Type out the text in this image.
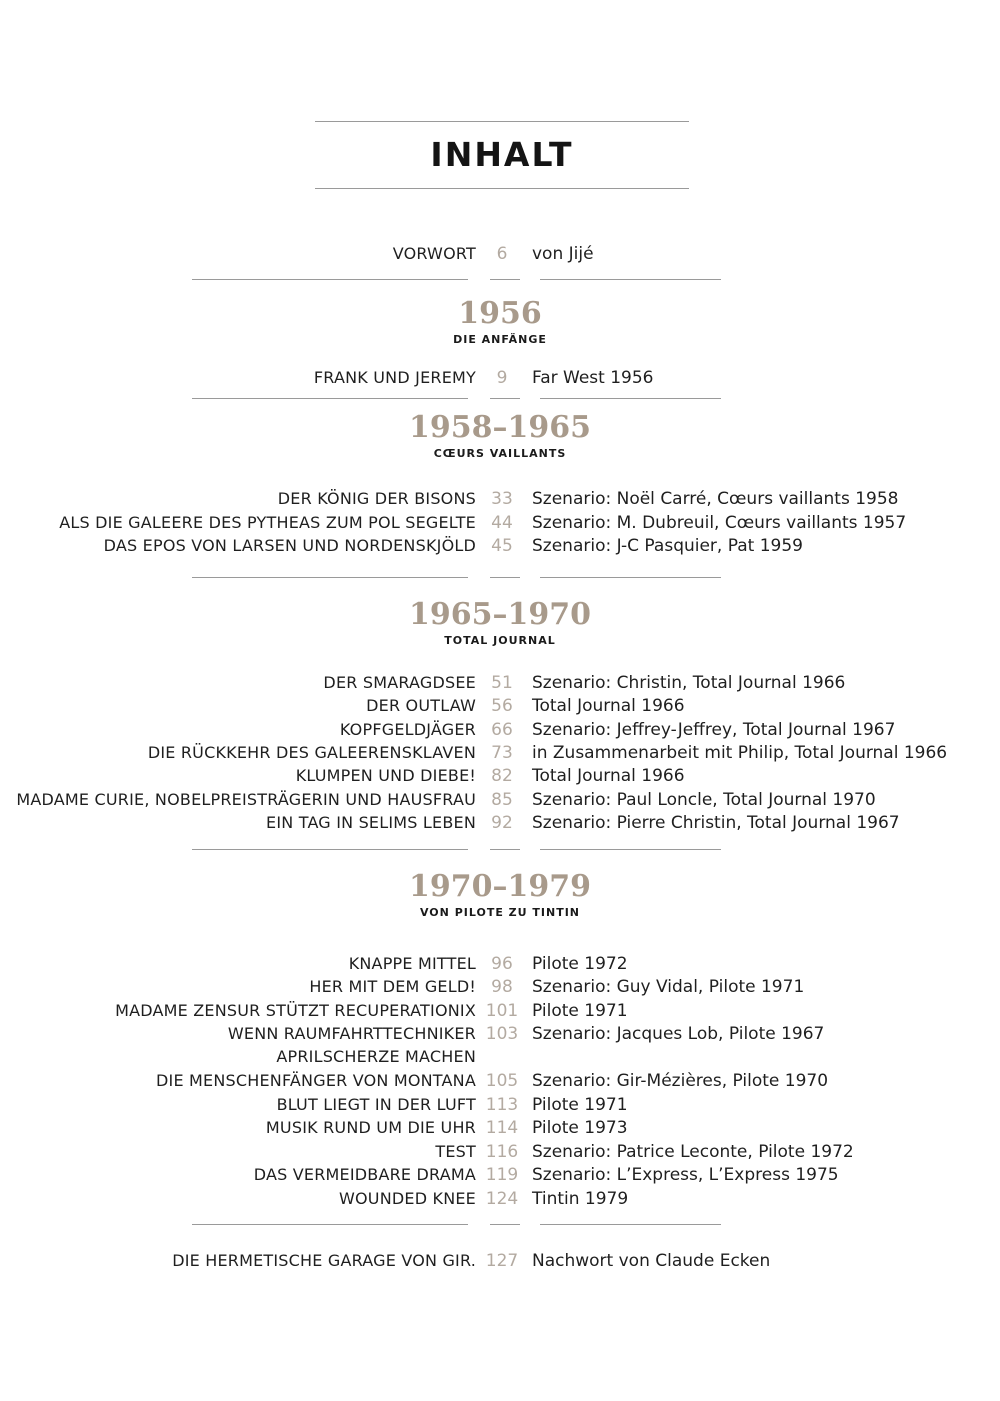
INHALT
VORWORT	6	von Jijé
1956
DIE ANFÄNGE
FRANK UND JEREMY	9	Far West 1956
1958–1965
CŒURS VAILLANTS
DER KÖNIG DER BISONS 33	Szenario: Noël Carré, Cœurs vaillants 1958
ALS DIE GALEERE DES PYTHEAS ZUM POL SEGELTE 44	Szenario: M. Dubreuil, Cœurs vaillants 1957
DAS EPOS VON LARSEN UND NORDENSKJÖLD 45	Szenario: J-C Pasquier, Pat 1959
1965–1970
TOTAL JOURNAL
DER SMARAGDSEE 51	Szenario: Christin, Total Journal 1966
DER OUTLAW 56	Total Journal 1966
KOPFGELDJÄGER 66	Szenario: Jeffrey-Jeffrey, Total Journal 1967
DIE RÜCKKEHR DES GALEERENSKLAVEN 73	in Zusammenarbeit mit Philip, Total Journal 1966
KLUMPEN UND DIEBE! 82	Total Journal 1966
MADAME CURIE, NOBELPREISTRÄGERIN UND HAUSFRAU 85	Szenario: Paul Loncle, Total Journal 1970
EIN TAG IN SELIMS LEBEN 92	Szenario: Pierre Christin, Total Journal 1967
1970–1979
VON PILOTE ZU TINTIN
KNAPPE MITTEL 96	Pilote 1972
HER MIT DEM GELD! 98	Szenario: Guy Vidal, Pilote 1971
MADAME ZENSUR STÜTZT RECUPERATIONIX 101 Pilote 1971
WENN RAUMFAHRTTECHNIKER 103 Szenario: Jacques Lob, Pilote 1967
APRILSCHERZE MACHEN
DIE MENSCHENFÄNGER VON MONTANA 105 Szenario: Gir-Mézières, Pilote 1970
BLUT LIEGT IN DER LUFT 113 Pilote 1971
MUSIK RUND UM DIE UHR 114 Pilote 1973
TEST 116 Szenario: Patrice Leconte, Pilote 1972
DAS VERMEIDBARE DRAMA 119 Szenario: L’Express, L’Express 1975
WOUNDED KNEE 124 Tintin 1979
DIE HERMETISCHE GARAGE VON GIR. 127 Nachwort von Claude Ecken
